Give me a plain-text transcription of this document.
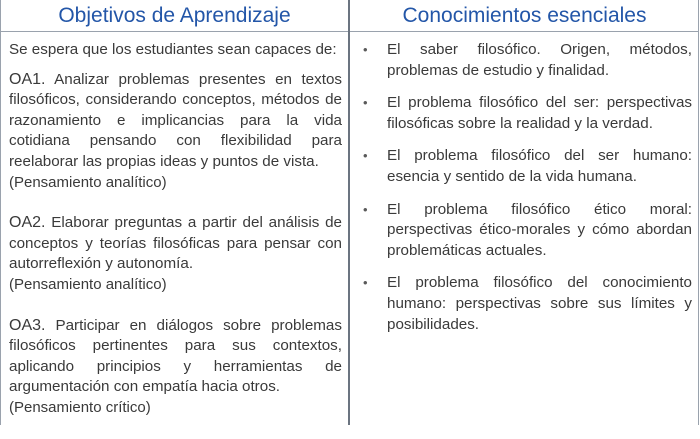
Objetivos de Aprendizaje

Se espera que los estudiantes sean capaces de:

OA1. Analizar problemas presentes en textos filosóficos, considerando conceptos, métodos de razonamiento e implicancias para la vida cotidiana pensando con flexibilidad para reelaborar las propias ideas y puntos de vista.
(Pensamiento analítico)

OA2. Elaborar preguntas a partir del análisis de conceptos y teorías filosóficas para pensar con autorreflexión y autonomía.
(Pensamiento analítico)

OA3. Participar en diálogos sobre problemas filosóficos pertinentes para sus contextos, aplicando principios y herramientas de argumentación con empatía hacia otros.
(Pensamiento crítico)

Conocimientos esenciales
• El saber filosófico. Origen, métodos, problemas de estudio y finalidad.
• El problema filosófico del ser: perspectivas filosóficas sobre la realidad y la verdad.
• El problema filosófico del ser humano: esencia y sentido de la vida humana.
• El problema filosófico ético moral: perspectivas ético-morales y cómo abordan problemáticas actuales.
• El problema filosófico del conocimiento humano: perspectivas sobre sus límites y posibilidades.
